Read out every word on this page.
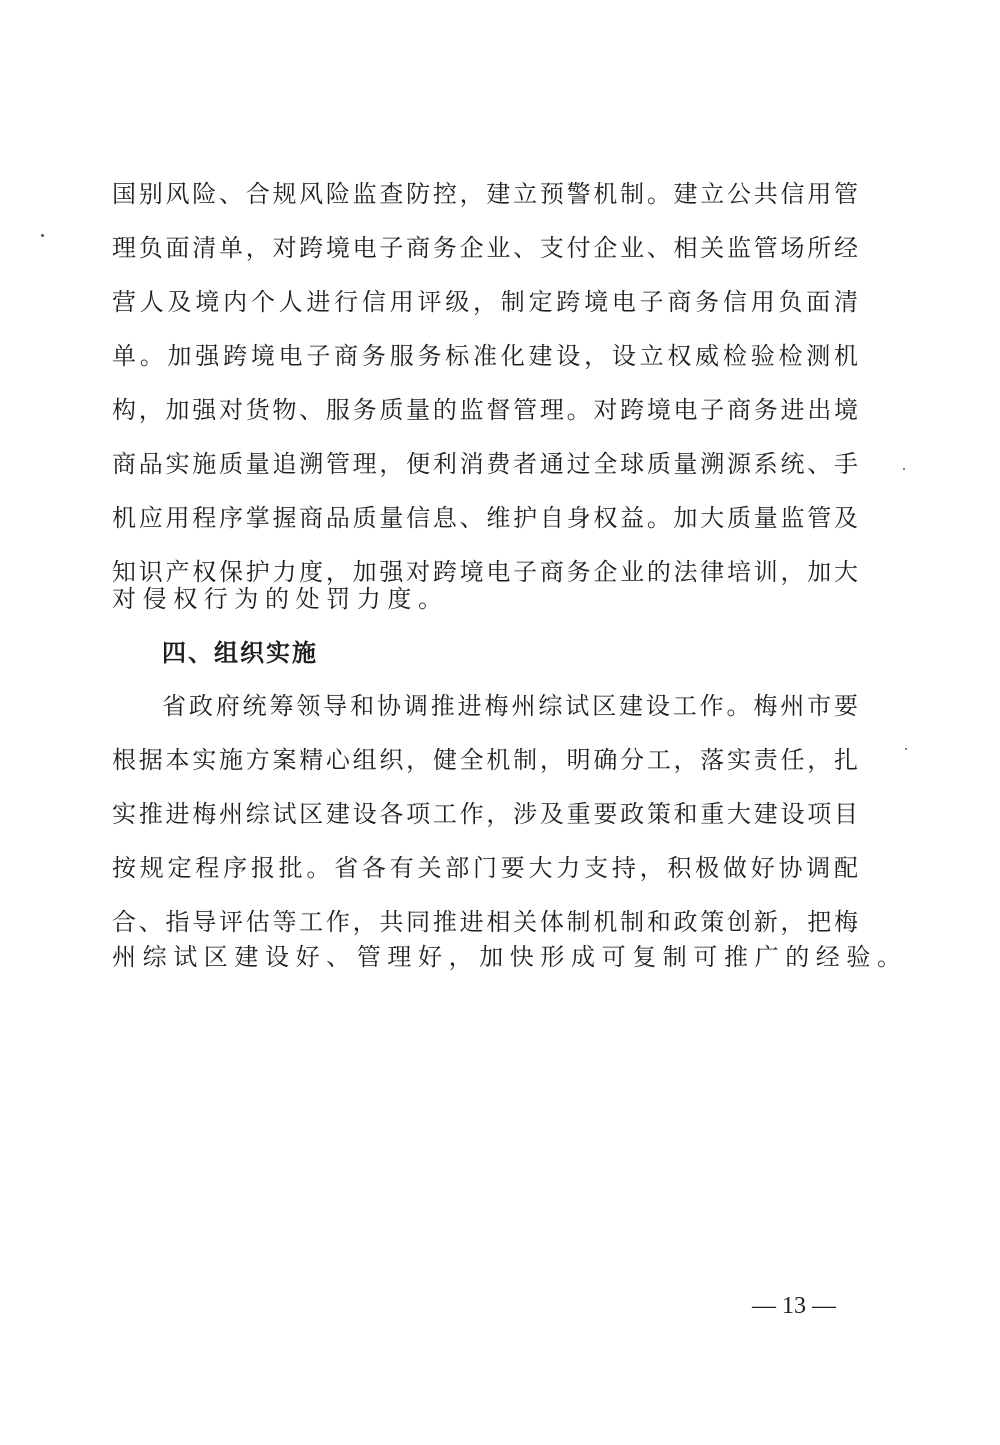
国别风险、合规风险监查防控，建立预警机制。建立公共信用管
理负面清单，对跨境电子商务企业、支付企业、相关监管场所经
营人及境内个人进行信用评级，制定跨境电子商务信用负面清
单。加强跨境电子商务服务标准化建设，设立权威检验检测机
构，加强对货物、服务质量的监督管理。对跨境电子商务进出境
商品实施质量追溯管理，便利消费者通过全球质量溯源系统、手
机应用程序掌握商品质量信息、维护自身权益。加大质量监管及
知识产权保护力度，加强对跨境电子商务企业的法律培训，加大
对侵权行为的处罚力度。
四、组织实施
省政府统筹领导和协调推进梅州综试区建设工作。梅州市要
根据本实施方案精心组织，健全机制，明确分工，落实责任，扎
实推进梅州综试区建设各项工作，涉及重要政策和重大建设项目
按规定程序报批。省各有关部门要大力支持，积极做好协调配
合、指导评估等工作，共同推进相关体制机制和政策创新，把梅
州综试区建设好、管理好，加快形成可复制可推广的经验。
— 13 —
